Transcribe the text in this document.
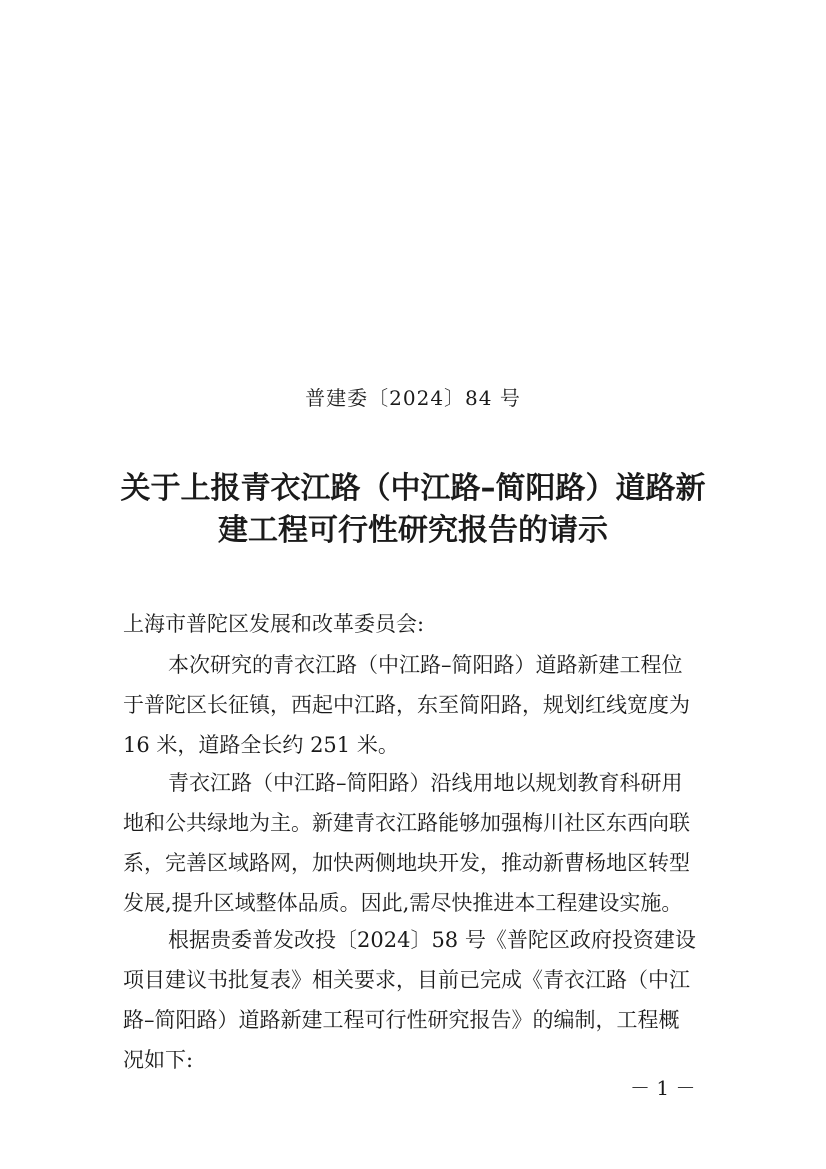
普建委〔2024〕84 号
关于上报青衣江路（中江路–简阳路）道路新
建工程可行性研究报告的请示
上海市普陀区发展和改革委员会:

本次研究的青衣江路（中江路–简阳路）道路新建工程位
于普陀区长征镇，西起中江路，东至简阳路，规划红线宽度为
16 米，道路全长约 251 米。

青衣江路（中江路–简阳路）沿线用地以规划教育科研用
地和公共绿地为主。新建青衣江路能够加强梅川社区东西向联
系，完善区域路网，加快两侧地块开发，推动新曹杨地区转型
发展,提升区域整体品质。因此,需尽快推进本工程建设实施。

根据贵委普发改投〔2024〕58 号《普陀区政府投资建设
项目建议书批复表》相关要求，目前已完成《青衣江路（中江
路–简阳路）道路新建工程可行性研究报告》的编制，工程概
况如下:

－ 1 －
